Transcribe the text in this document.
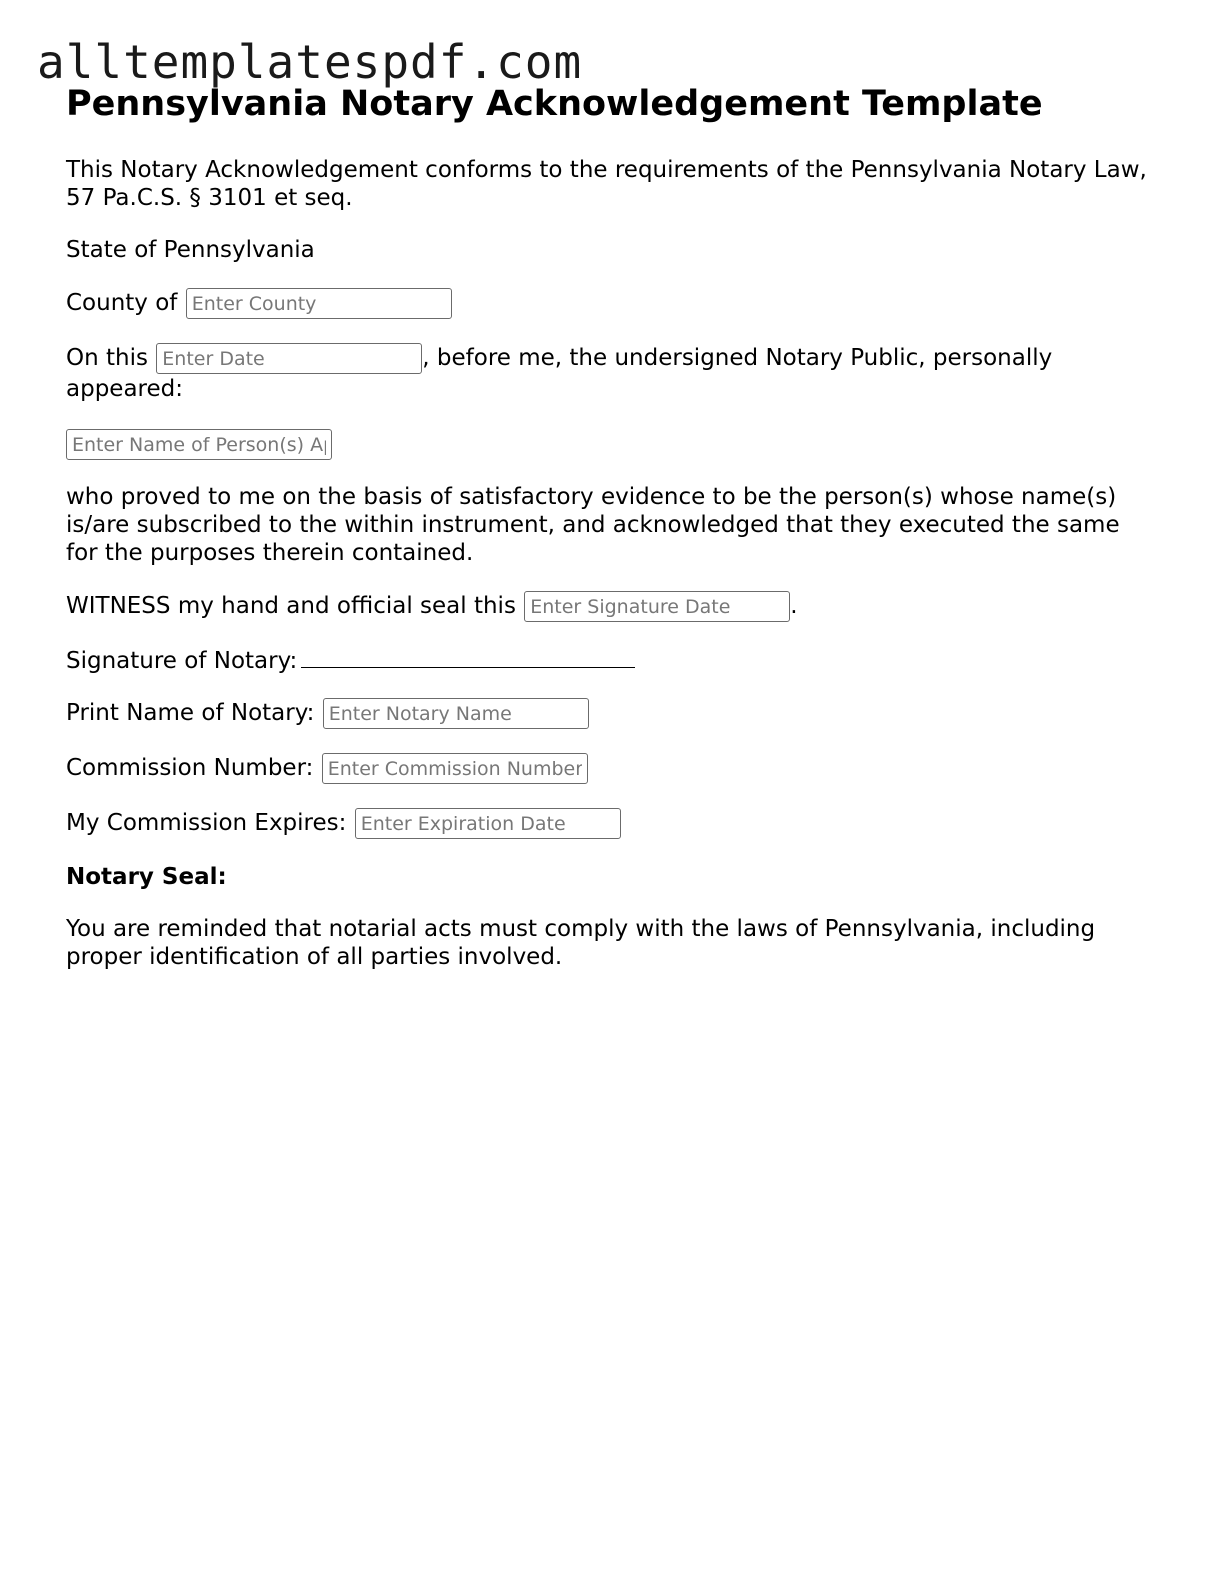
alltemplatespdf.com
Pennsylvania Notary Acknowledgement Template

This Notary Acknowledgement conforms to the requirements of the Pennsylvania Notary Law, 57 Pa.C.S. § 3101 et seq.

State of Pennsylvania

County of Enter County

On this Enter Date	, before me, the undersigned Notary Public, personally appeared:

Enter Name of Person(s) Appearing

who proved to me on the basis of satisfactory evidence to be the person(s) whose name(s) is/are subscribed to the within instrument, and acknowledged that they executed the same for the purposes therein contained.

WITNESS my hand and official seal this Enter Signature Date	.

Signature of Notary:

Print Name of Notary: Enter Notary Name

Commission Number: Enter Commission Number

My Commission Expires: Enter Expiration Date

Notary Seal:

You are reminded that notarial acts must comply with the laws of Pennsylvania, including proper identification of all parties involved.
